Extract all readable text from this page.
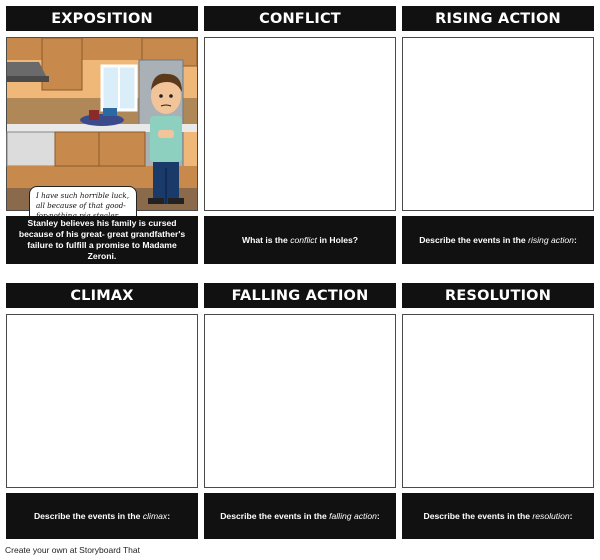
EXPOSITION	CONFLICT	RISING ACTION
I have such horrible luck, all because of that good-
Stanley believes his family is cursed because of his great- great grandfather's failure to fulfill a promise to Madame Zeroni.
What is the conflict in Holes?	Describe the events in the rising action:
CLIMAX	FALLING ACTION	RESOLUTION
Describe the events in the climax:	Describe the events in the falling action:	Describe the events in the resolution:
Create your own at Storyboard That
